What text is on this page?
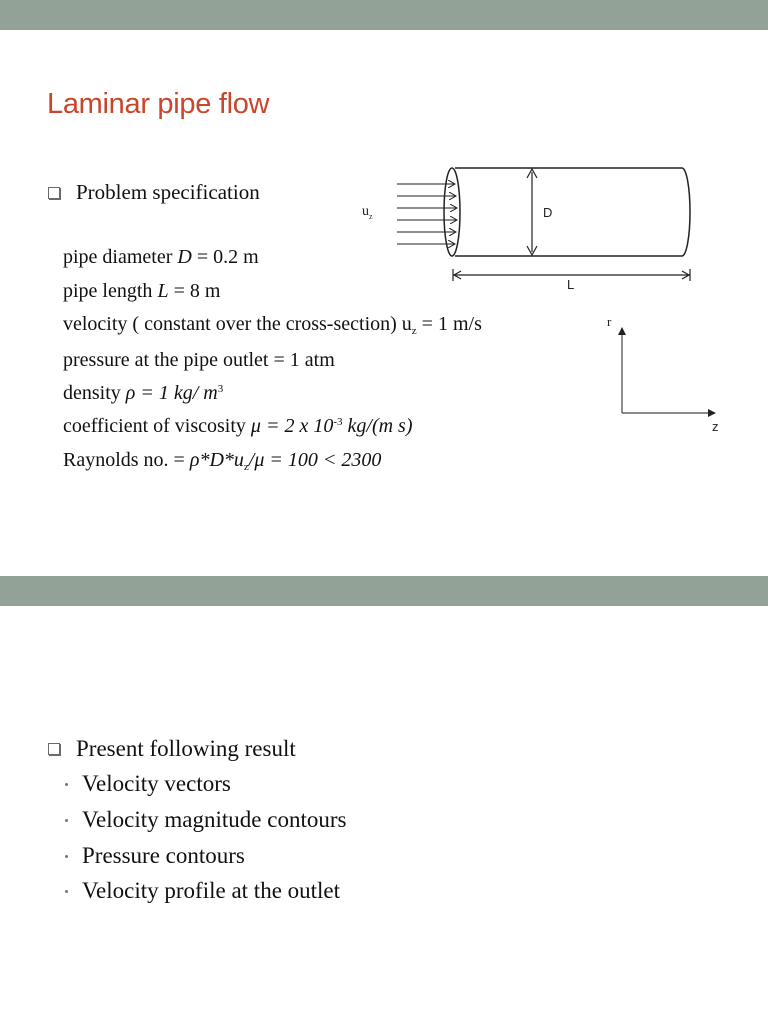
Laminar pipe flow
Problem specification
pipe diameter D = 0.2 m
pipe length L = 8 m
velocity ( constant over the cross-section) $u_z = 1$ m/s
pressure at the pipe outlet = 1 atm
density ρ = 1 kg/ $m^3$
coefficient of viscosity μ = 2 x $10^{-3}$ kg/(m s)
Raynolds no. = $\rho*D*u_z/\mu = 100 < 2300$
$u_z$	D
L
r
z
Present following result
Velocity vectors
Velocity magnitude contours
Pressure contours
Velocity profile at the outlet
